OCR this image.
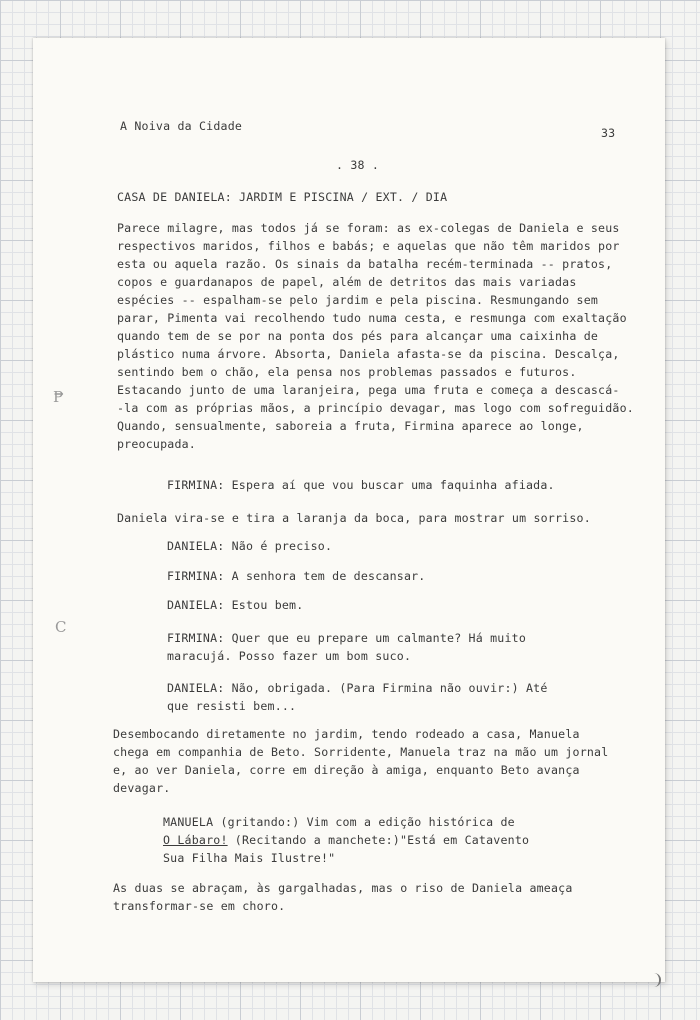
A Noiva da Cidade	33
. 38 .
CASA DE DANIELA: JARDIM E PISCINA / EXT. / DIA
Parece milagre, mas todos já se foram: as ex-colegas de Daniela e seus
respectivos maridos, filhos e babás; e aquelas que não têm maridos por
esta ou aquela razão. Os sinais da batalha recém-terminada -- pratos,
copos e guardanapos de papel, além de detritos das mais variadas
espécies -- espalham-se pelo jardim e pela piscina. Resmungando sem
parar, Pimenta vai recolhendo tudo numa cesta, e resmunga com exaltação
quando tem de se por na ponta dos pés para alcançar uma caixinha de
plástico numa árvore. Absorta, Daniela afasta-se da piscina. Descalça,
sentindo bem o chão, ela pensa nos problemas passados e futuros.
Estacando junto de uma laranjeira, pega uma fruta e começa a descascá-
-la com as próprias mãos, a princípio devagar, mas logo com sofreguidão.
Quando, sensualmente, saboreia a fruta, Firmina aparece ao longe,
preocupada.
FIRMINA: Espera aí que vou buscar uma faquinha afiada.
Daniela vira-se e tira a laranja da boca, para mostrar um sorriso.
DANIELA: Não é preciso.
FIRMINA: A senhora tem de descansar.
DANIELA: Estou bem.
FIRMINA: Quer que eu prepare um calmante? Há muito
maracujá. Posso fazer um bom suco.
DANIELA: Não, obrigada. (Para Firmina não ouvir:) Até
que resisti bem...
Desembocando diretamente no jardim, tendo rodeado a casa, Manuela
chega em companhia de Beto. Sorridente, Manuela traz na mão um jornal
e, ao ver Daniela, corre em direção à amiga, enquanto Beto avança
devagar.
MANUELA (gritando:) Vim com a edição histórica de
O Lábaro! (Recitando a manchete:)"Está em Catavento
Sua Filha Mais Ilustre!"
As duas se abraçam, às gargalhadas, mas o riso de Daniela ameaça
transformar-se em choro.
₱
Ϲ
